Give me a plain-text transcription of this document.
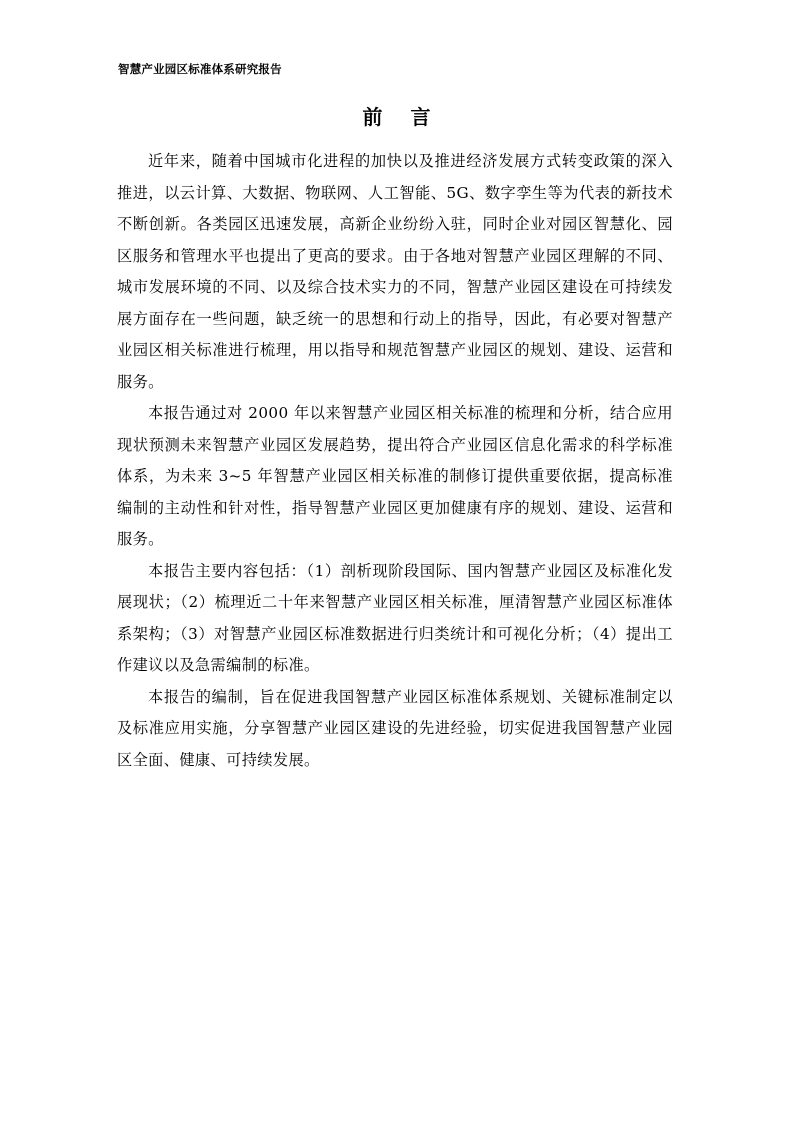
智慧产业园区标准体系研究报告
前言

近年来，随着中国城市化进程的加快以及推进经济发展方式转变政策的深入推进，以云计算、大数据、物联网、人工智能、5G、数字孪生等为代表的新技术不断创新。各类园区迅速发展，高新企业纷纷入驻，同时企业对园区智慧化、园区服务和管理水平也提出了更高的要求。由于各地对智慧产业园区理解的不同、城市发展环境的不同、以及综合技术实力的不同，智慧产业园区建设在可持续发展方面存在一些问题，缺乏统一的思想和行动上的指导，因此，有必要对智慧产业园区相关标准进行梳理，用以指导和规范智慧产业园区的规划、建设、运营和服务。

本报告通过对 2000 年以来智慧产业园区相关标准的梳理和分析，结合应用现状预测未来智慧产业园区发展趋势，提出符合产业园区信息化需求的科学标准体系，为未来 3~5 年智慧产业园区相关标准的制修订提供重要依据，提高标准编制的主动性和针对性，指导智慧产业园区更加健康有序的规划、建设、运营和服务。

本报告主要内容包括：（1）剖析现阶段国际、国内智慧产业园区及标准化发展现状；（2）梳理近二十年来智慧产业园区相关标准，厘清智慧产业园区标准体系架构；（3）对智慧产业园区标准数据进行归类统计和可视化分析；（4）提出工作建议以及急需编制的标准。

本报告的编制，旨在促进我国智慧产业园区标准体系规划、关键标准制定以及标准应用实施，分享智慧产业园区建设的先进经验，切实促进我国智慧产业园区全面、健康、可持续发展。
